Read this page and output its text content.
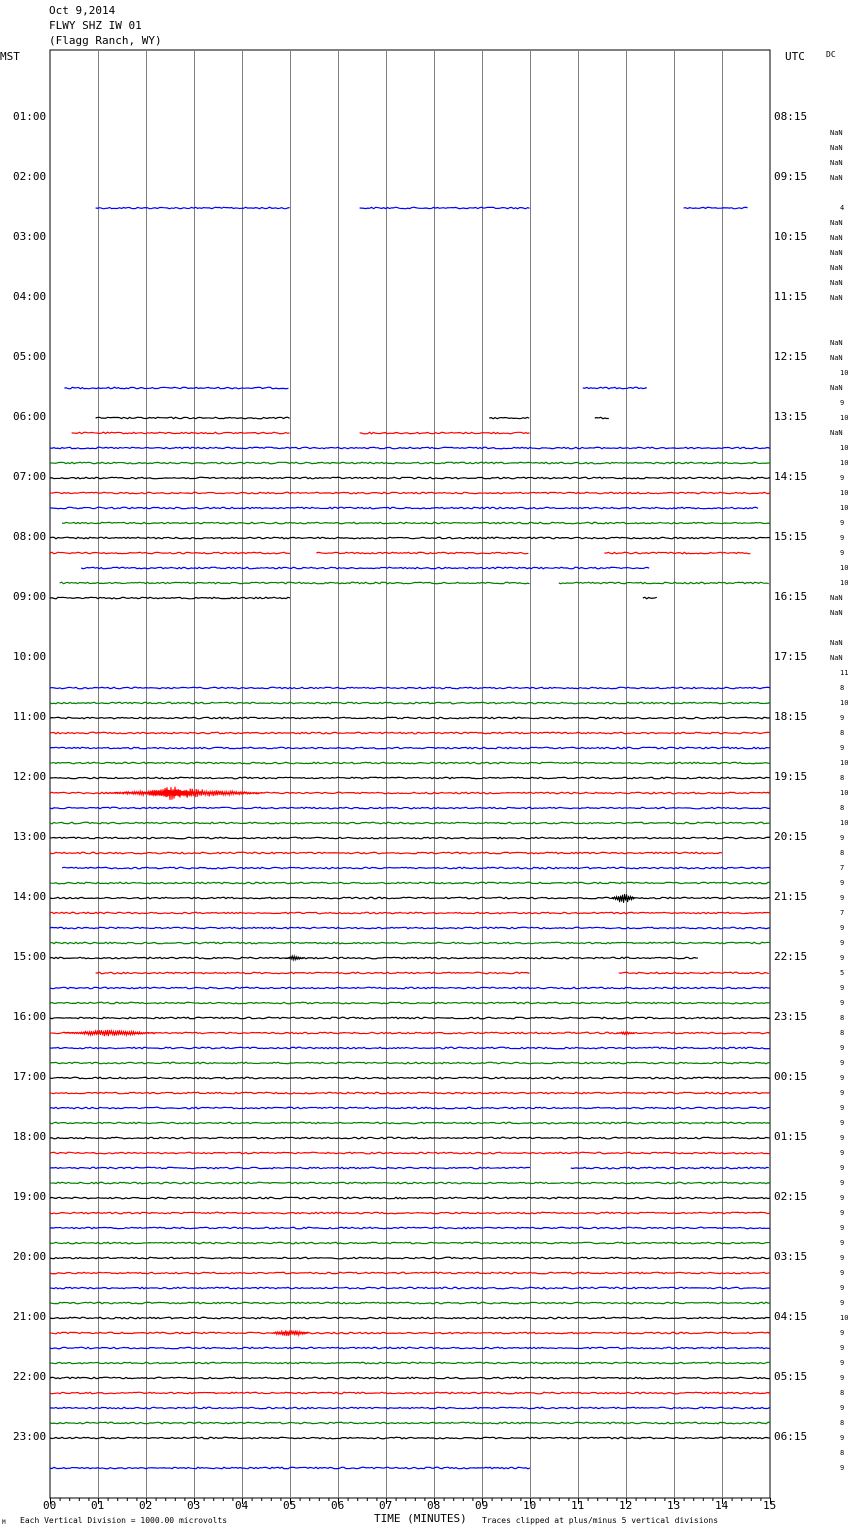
Oct 9,2014
FLWY SHZ IW 01
(Flagg Ranch, WY)
MST	UTC	DC
01:00
02:00
03:00
04:00
05:00
06:00
07:00
08:00
09:00
10:00
11:00
12:00
13:00
14:00
15:00
16:00
17:00
18:00
19:00
20:00
21:00
22:00
23:00
08:15
09:15
10:15
11:15
12:15
13:15
14:15
15:15
16:15
17:15
18:15
19:15
20:15
21:15
22:15
23:15
00:15
01:15
02:15
03:15
04:15
05:15
06:15
00	01	02	03	04	05	06	07	08	09	10	11	12	13	14	15
NaN
NaN
NaN
NaN
4
NaN
NaN
NaN
NaN
NaN
NaN
NaN
NaN
10
NaN
9
10
NaN
10
10
9
10
10
9
9
9
10
10
NaN
NaN
NaN
NaN
11
8
10
9
8
9
10
8
10
8
10
9
8
7
9
9
7
9
9
9
5
9
9
8
8
9
9
9
9
9
9
9
9
9
9
9
9
9
9
9
9
9
9
10
9
9
9
9
8
9
8
9
8
9
M Each Vertical Division = 1000.00 microvolts	TIME (MINUTES) Traces clipped at plus/minus 5 vertical divisions
